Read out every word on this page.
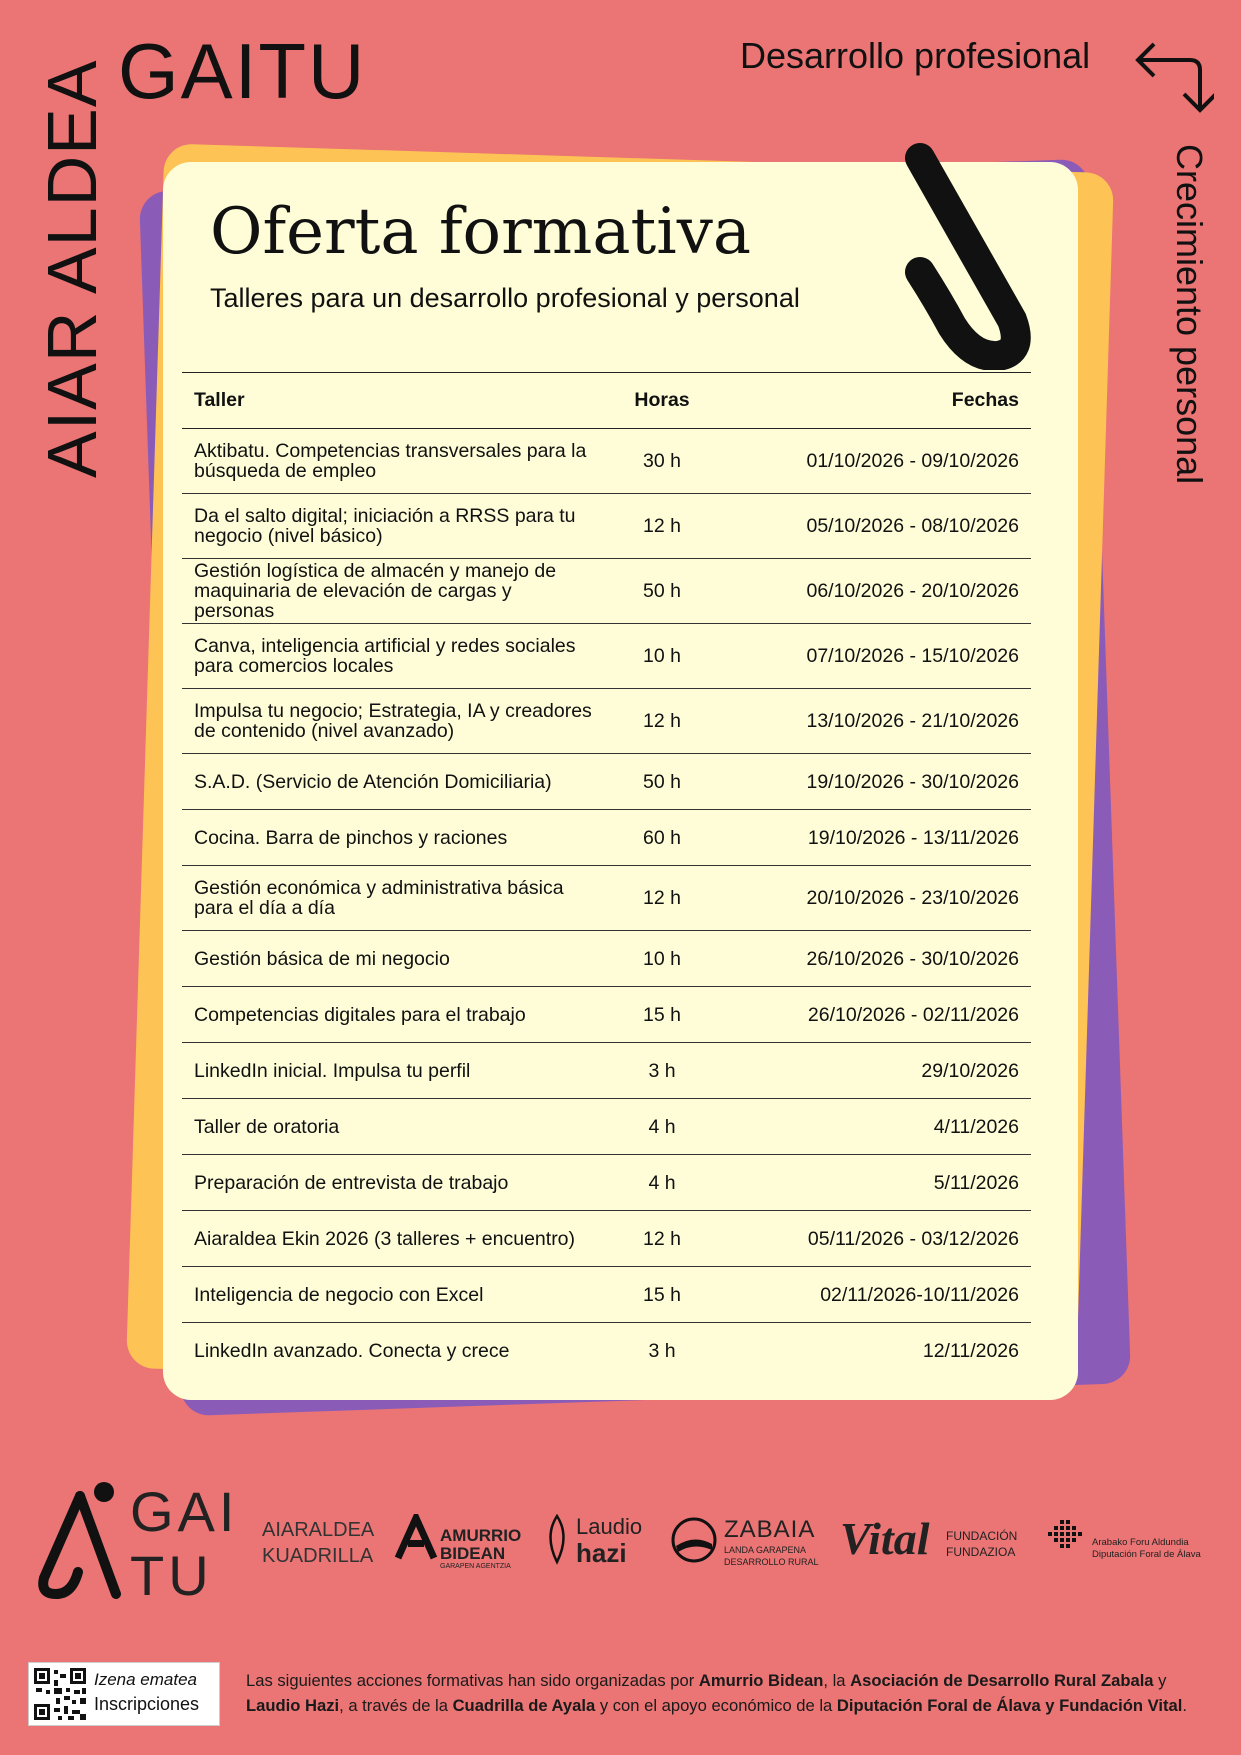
AIAR ALDEA GAITU	Desarrollo profesional
Crecimiento personal
Oferta formativa
Talleres para un desarrollo profesional y personal
Taller	Horas	Fechas
Aktibatu. Competencias transversales para la búsqueda de empleo	30 h	01/10/2026 - 09/10/2026
Da el salto digital; iniciación a RRSS para tu negocio (nivel básico)	12 h	05/10/2026 - 08/10/2026
Gestión logística de almacén y manejo de maquinaria de elevación de cargas y personas	50 h	06/10/2026 - 20/10/2026
Canva, inteligencia artificial y redes sociales para comercios locales	10 h	07/10/2026 - 15/10/2026
Impulsa tu negocio; Estrategia, IA y creadores de contenido (nivel avanzado)	12 h	13/10/2026 - 21/10/2026
S.A.D. (Servicio de Atención Domiciliaria)	50 h	19/10/2026 - 30/10/2026
Cocina. Barra de pinchos y raciones	60 h	19/10/2026 - 13/11/2026
Gestión económica y administrativa básica para el día a día	12 h	20/10/2026 - 23/10/2026
Gestión básica de mi negocio	10 h	26/10/2026 - 30/10/2026
Competencias digitales para el trabajo	15 h	26/10/2026 - 02/11/2026
LinkedIn inicial. Impulsa tu perfil	3 h	29/10/2026
Taller de oratoria	4 h	4/11/2026
Preparación de entrevista de trabajo	4 h	5/11/2026
Aiaraldea Ekin 2026 (3 talleres + encuentro)	12 h	05/11/2026 - 03/12/2026
Inteligencia de negocio con Excel	15 h	02/11/2026-10/11/2026
LinkedIn avanzado. Conecta y crece	3 h	12/11/2026
GAI
TU
AIARALDEA
KUADRILLA
AMURRIO
BIDEAN
GARAPEN AGENTZIA
Laudio
hazi
ZABAIA
LANDA GARAPENA
DESARROLLO RURAL Vital FUNDACIÓN
FUNDAZIOA
Arabako Foru Aldundia
Diputación Foral de Álava
Izena ematea
Inscripciones
Las siguientes acciones formativas han sido organizadas por Amurrio Bidean, la Asociación de Desarrollo Rural Zabala y Laudio Hazi, a través de la Cuadrilla de Ayala y con el apoyo económico de la Diputación Foral de Álava y Fundación Vital.
